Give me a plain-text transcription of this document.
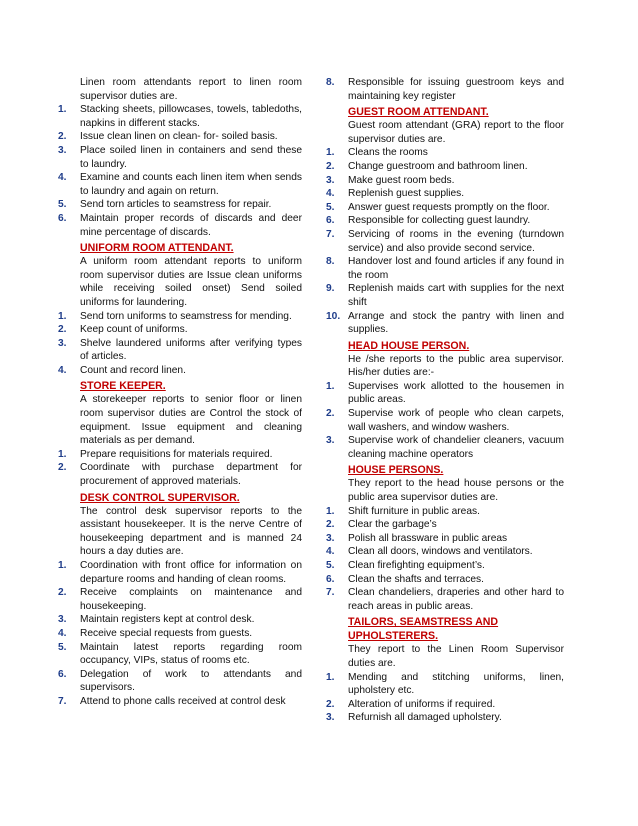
Linen room attendants report to linen room supervisor duties are.

1.	Stacking sheets, pillowcases, towels, tabledoths, napkins in different stacks.
2.	Issue clean linen on clean- for- soiled basis.
3.	Place soiled linen in containers and send these to laundry.
4.	Examine and counts each linen item when sends to laundry and again on return.
5.	Send torn articles to seamstress for repair.
6.	Maintain proper records of discards and deer mine percentage of discards.
UNIFORM ROOM ATTENDANT.

A uniform room attendant reports to uniform room supervisor duties are Issue clean uniforms while receiving soiled onset) Send soiled uniforms for laundering.

1.	Send torn uniforms to seamstress for mending.
2.	Keep count of uniforms.
3.	Shelve laundered uniforms after verifying types of articles.
4.	Count and record linen.
STORE KEEPER.

A storekeeper reports to senior floor or linen room supervisor duties are Control the stock of equipment. Issue equipment and cleaning materials as per demand.

1.	Prepare requisitions for materials required.
2.	Coordinate with purchase department for procurement of approved materials.
DESK CONTROL SUPERVISOR.

The control desk supervisor reports to the assistant housekeeper. It is the nerve Centre of housekeeping department and is manned 24 hours a day duties are.

1.	Coordination with front office for information on departure rooms and handing of clean rooms.
2.	Receive complaints on maintenance and housekeeping.
3.	Maintain registers kept at control desk.
4.	Receive special requests from guests.
5.	Maintain latest reports regarding room occupancy, VIPs, status of rooms etc.
6.	Delegation of work to attendants and supervisors.
7.	Attend to phone calls received at control desk
8.	Responsible for issuing guestroom keys and maintaining key register
GUEST ROOM ATTENDANT.

Guest room attendant (GRA) report to the floor supervisor duties are.

1.	Cleans the rooms
2.	Change guestroom and bathroom linen.
3.	Make guest room beds.
4.	Replenish guest supplies.
5.	Answer guest requests promptly on the floor.
6.	Responsible for collecting guest laundry.
7.	Servicing of rooms in the evening (turndown service) and also provide second service.
8.	Handover lost and found articles if any found in the room
9.	Replenish maids cart with supplies for the next shift
10. Arrange and stock the pantry with linen and supplies.
HEAD HOUSE PERSON.

He /she reports to the public area supervisor. His/her duties are:-

1.	Supervises work allotted to the housemen in public areas.
2.	Supervise work of people who clean carpets, wall washers, and window washers.
3.	Supervise work of chandelier cleaners, vacuum cleaning machine operators
HOUSE PERSONS.

They report to the head house persons or the public area supervisor duties are.

1.	Shift furniture in public areas.
2.	Clear the garbage’s
3.	Polish all brassware in public areas
4.	Clean all doors, windows and ventilators.
5.	Clean firefighting equipment’s.
6.	Clean the shafts and terraces.
7.	Clean chandeliers, draperies and other hard to reach areas in public areas.
TAILORS, SEAMSTRESS AND UPHOLSTERERS.

They report to the Linen Room Supervisor duties are.

1.	Mending and stitching uniforms, linen, upholstery etc.
2.	Alteration of uniforms if required.
3.	Refurnish all damaged upholstery.
